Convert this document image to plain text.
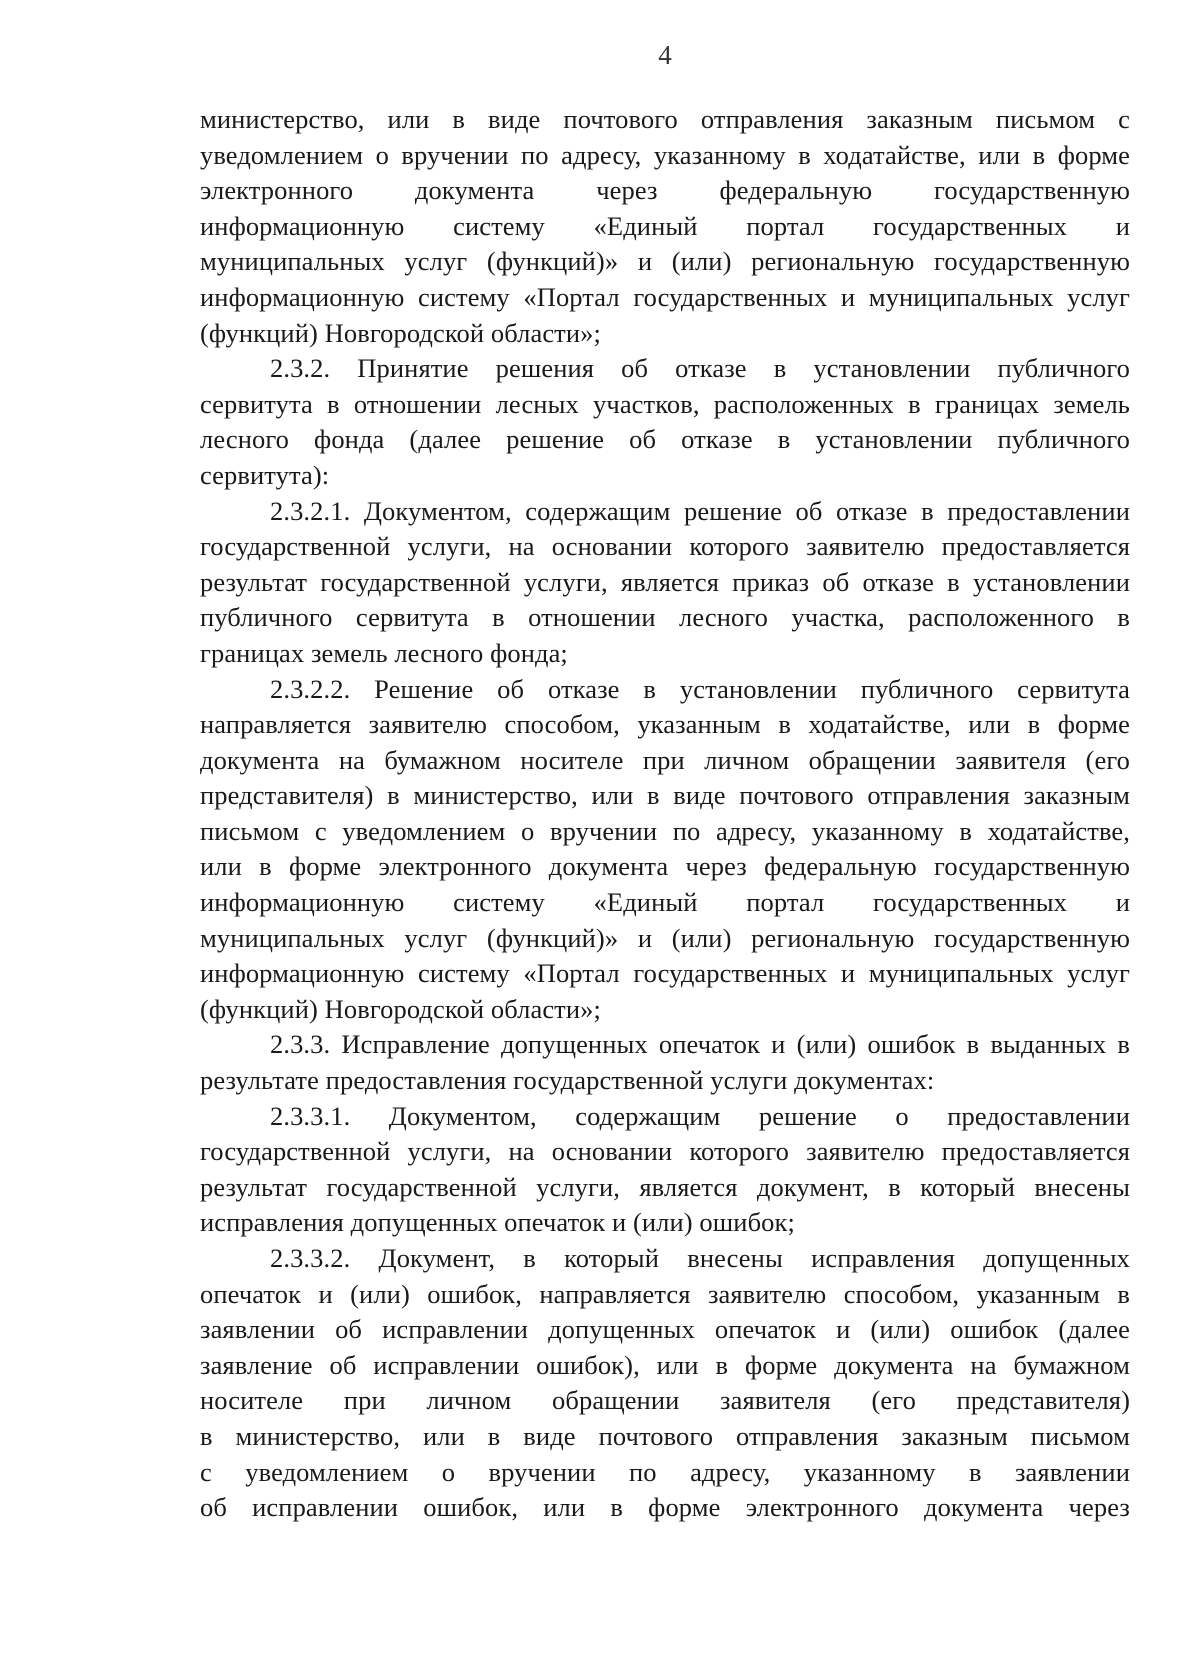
4

министерство, или в виде почтового отправления заказным письмом с
уведомлением о вручении по адресу, указанному в ходатайстве, или в форме
электронного документа через федеральную государственную
информационную систему «Единый портал государственных и
муниципальных услуг (функций)» и (или) региональную государственную
информационную систему «Портал государственных и муниципальных услуг
(функций) Новгородской области»;

2.3.2. Принятие решения об отказе в установлении публичного
сервитута в отношении лесных участков, расположенных в границах земель
лесного фонда (далее решение об отказе в установлении публичного
сервитута):

2.3.2.1. Документом, содержащим решение об отказе в предоставлении
государственной услуги, на основании которого заявителю предоставляется
результат государственной услуги, является приказ об отказе в установлении
публичного сервитута в отношении лесного участка, расположенного в
границах земель лесного фонда;

2.3.2.2. Решение об отказе в установлении публичного сервитута
направляется заявителю способом, указанным в ходатайстве, или в форме
документа на бумажном носителе при личном обращении заявителя (его
представителя) в министерство, или в виде почтового отправления заказным
письмом с уведомлением о вручении по адресу, указанному в ходатайстве,
или в форме электронного документа через федеральную государственную
информационную систему «Единый портал государственных и
муниципальных услуг (функций)» и (или) региональную государственную
информационную систему «Портал государственных и муниципальных услуг
(функций) Новгородской области»;

2.3.3. Исправление допущенных опечаток и (или) ошибок в выданных в
результате предоставления государственной услуги документах:

2.3.3.1. Документом, содержащим решение о предоставлении
государственной услуги, на основании которого заявителю предоставляется
результат государственной услуги, является документ, в который внесены
исправления допущенных опечаток и (или) ошибок;

2.3.3.2. Документ, в который внесены исправления допущенных
опечаток и (или) ошибок, направляется заявителю способом, указанным в
заявлении об исправлении допущенных опечаток и (или) ошибок (далее
заявление об исправлении ошибок), или в форме документа на бумажном
носителе при личном обращении заявителя (его представителя)
в министерство, или в виде почтового отправления заказным письмом
с уведомлением о вручении по адресу, указанному в заявлении
об исправлении ошибок, или в форме электронного документа через
